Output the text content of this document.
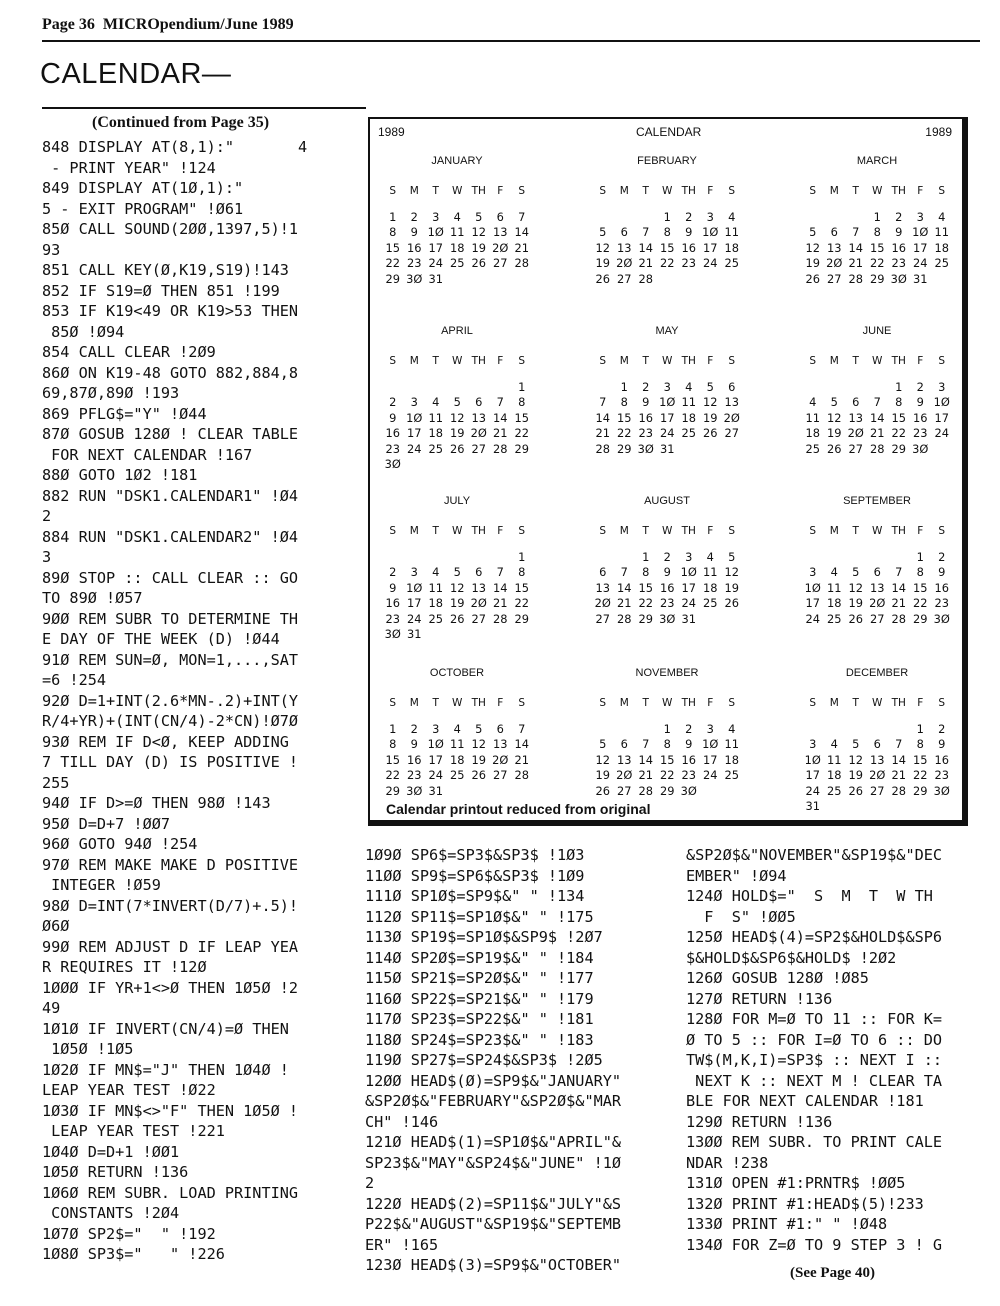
Page 36 MICROpendium/June 1989
CALENDAR—
(Continued from Page 35)
848 DISPLAY AT(8,1):"       4
- PRINT YEAR" !124
849 DISPLAY AT(1Ø,1):"
5 - EXIT PROGRAM" !Ø61
85Ø CALL SOUND(2ØØ,1397,5)!1
93
851 CALL KEY(Ø,K19,S19)!143
852 IF S19=Ø THEN 851 !199
853 IF K19<49 OR K19>53 THEN
85Ø !Ø94
854 CALL CLEAR !2Ø9
86Ø ON K19-48 GOTO 882,884,8
69,87Ø,89Ø !193
869 PFLG$="Y" !Ø44
87Ø GOSUB 128Ø ! CLEAR TABLE
FOR NEXT CALENDAR !167
88Ø GOTO 1Ø2 !181
882 RUN "DSK1.CALENDAR1" !Ø4
2
884 RUN "DSK1.CALENDAR2" !Ø4
3
89Ø STOP :: CALL CLEAR :: GO
TO 89Ø !Ø57
9ØØ REM SUBR TO DETERMINE TH
E DAY OF THE WEEK (D) !Ø44
91Ø REM SUN=Ø, MON=1,...,SAT
=6 !254
92Ø D=1+INT(2.6*MN-.2)+INT(Y
R/4+YR)+(INT(CN/4)-2*CN)!Ø7Ø
93Ø REM IF D<Ø, KEEP ADDING
7 TILL DAY (D) IS POSITIVE !
255
94Ø IF D>=Ø THEN 98Ø !143
95Ø D=D+7 !ØØ7
96Ø GOTO 94Ø !254
97Ø REM MAKE MAKE D POSITIVE
INTEGER !Ø59
98Ø D=INT(7*INVERT(D/7)+.5)!
Ø6Ø
99Ø REM ADJUST D IF LEAP YEA
R REQUIRES IT !12Ø
1ØØØ IF YR+1<>Ø THEN 1Ø5Ø !2
49
1Ø1Ø IF INVERT(CN/4)=Ø THEN
1Ø5Ø !1Ø5
1Ø2Ø IF MN$="J" THEN 1Ø4Ø !
LEAP YEAR TEST !Ø22
1Ø3Ø IF MN$<>"F" THEN 1Ø5Ø !
LEAP YEAR TEST !221
1Ø4Ø D=D+1 !ØØ1
1Ø5Ø RETURN !136
1Ø6Ø REM SUBR. LOAD PRINTING
CONSTANTS !2Ø4
1Ø7Ø SP2$="  " !192
1Ø8Ø SP3$="   " !226
1989	CALENDAR	1989
JANUARY
S	M	T	W	TH	F	S

1	2	3	4	5	6	7
8	9	1Ø	11	12	13	14
15	16	17	18	19	2Ø	21
22	23	24	25	26	27	28
29	3Ø	31				
FEBRUARY
S	M	T	W	TH	F	S

			1	2	3	4
5	6	7	8	9	1Ø	11
12	13	14	15	16	17	18
19	2Ø	21	22	23	24	25
26	27	28				
MARCH
S	M	T	W	TH	F	S

			1	2	3	4
5	6	7	8	9	1Ø	11
12	13	14	15	16	17	18
19	2Ø	21	22	23	24	25
26	27	28	29	3Ø	31	
APRIL
S	M	T	W	TH	F	S

						1
2	3	4	5	6	7	8
9	1Ø	11	12	13	14	15
16	17	18	19	2Ø	21	22
23	24	25	26	27	28	29
3Ø						
MAY
S	M	T	W	TH	F	S

	1	2	3	4	5	6
7	8	9	1Ø	11	12	13
14	15	16	17	18	19	2Ø
21	22	23	24	25	26	27
28	29	3Ø	31			
JUNE
S	M	T	W	TH	F	S

				1	2	3
4	5	6	7	8	9	1Ø
11	12	13	14	15	16	17
18	19	2Ø	21	22	23	24
25	26	27	28	29	3Ø	
JULY
S	M	T	W	TH	F	S

						1
2	3	4	5	6	7	8
9	1Ø	11	12	13	14	15
16	17	18	19	2Ø	21	22
23	24	25	26	27	28	29
3Ø	31					
AUGUST
S	M	T	W	TH	F	S

		1	2	3	4	5
6	7	8	9	1Ø	11	12
13	14	15	16	17	18	19
2Ø	21	22	23	24	25	26
27	28	29	3Ø	31		
SEPTEMBER
S	M	T	W	TH	F	S

					1	2
3	4	5	6	7	8	9
1Ø	11	12	13	14	15	16
17	18	19	2Ø	21	22	23
24	25	26	27	28	29	3Ø
OCTOBER
S	M	T	W	TH	F	S

1	2	3	4	5	6	7
8	9	1Ø	11	12	13	14
15	16	17	18	19	2Ø	21
22	23	24	25	26	27	28
29	3Ø	31				
NOVEMBER
S	M	T	W	TH	F	S

			1	2	3	4
5	6	7	8	9	1Ø	11
12	13	14	15	16	17	18
19	2Ø	21	22	23	24	25
26	27	28	29	3Ø		
DECEMBER
S	M	T	W	TH	F	S

					1	2
3	4	5	6	7	8	9
1Ø	11	12	13	14	15	16
17	18	19	2Ø	21	22	23
24	25	26	27	28	29	3Ø
31						
Calendar printout reduced from original
1Ø9Ø SP6$=SP3$&SP3$ !1Ø3
11ØØ SP9$=SP6$&SP3$ !1Ø9
111Ø SP1Ø$=SP9$&" " !134
112Ø SP11$=SP1Ø$&" " !175
113Ø SP19$=SP1Ø$&SP9$ !2Ø7
114Ø SP2Ø$=SP19$&" " !184
115Ø SP21$=SP2Ø$&" " !177
116Ø SP22$=SP21$&" " !179
117Ø SP23$=SP22$&" " !181
118Ø SP24$=SP23$&" " !183
119Ø SP27$=SP24$&SP3$ !2Ø5
12ØØ HEAD$(Ø)=SP9$&"JANUARY"
&SP2Ø$&"FEBRUARY"&SP2Ø$&"MAR
CH" !146
121Ø HEAD$(1)=SP1Ø$&"APRIL"&
SP23$&"MAY"&SP24$&"JUNE" !1Ø
2
122Ø HEAD$(2)=SP11$&"JULY"&S
P22$&"AUGUST"&SP19$&"SEPTEMB
ER" !165
123Ø HEAD$(3)=SP9$&"OCTOBER"
&SP2Ø$&"NOVEMBER"&SP19$&"DEC
EMBER" !Ø94
124Ø HOLD$="  S  M  T  W TH
F  S" !ØØ5
125Ø HEAD$(4)=SP2$&HOLD$&SP6
$&HOLD$&SP6$&HOLD$ !2Ø2
126Ø GOSUB 128Ø !Ø85
127Ø RETURN !136
128Ø FOR M=Ø TO 11 :: FOR K=
Ø TO 5 :: FOR I=Ø TO 6 :: DO
TW$(M,K,I)=SP3$ :: NEXT I ::
NEXT K :: NEXT M ! CLEAR TA
BLE FOR NEXT CALENDAR !181
129Ø RETURN !136
13ØØ REM SUBR. TO PRINT CALE
NDAR !238
131Ø OPEN #1:PRNTR$ !ØØ5
132Ø PRINT #1:HEAD$(5)!233
133Ø PRINT #1:" " !Ø48
134Ø FOR Z=Ø TO 9 STEP 3 ! G
(See Page 40)
